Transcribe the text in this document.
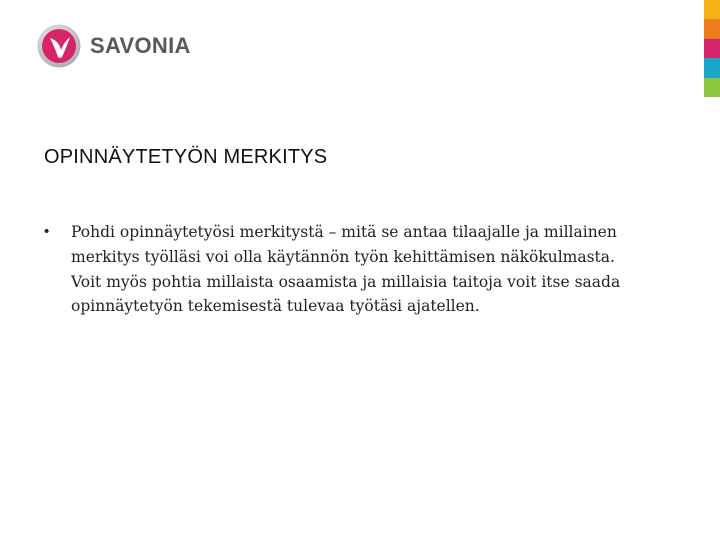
SAVONIA
OPINNÄYTETYÖN MERKITYS
• Pohdi opinnäytetyösi merkitystä – mitä se antaa tilaajalle ja millainen merkitys työlläsi voi olla käytännön työn kehittämisen näkökulmasta. Voit myös pohtia millaista osaamista ja millaisia taitoja voit itse saada opinnäytetyön tekemisestä tulevaa työtäsi ajatellen.
